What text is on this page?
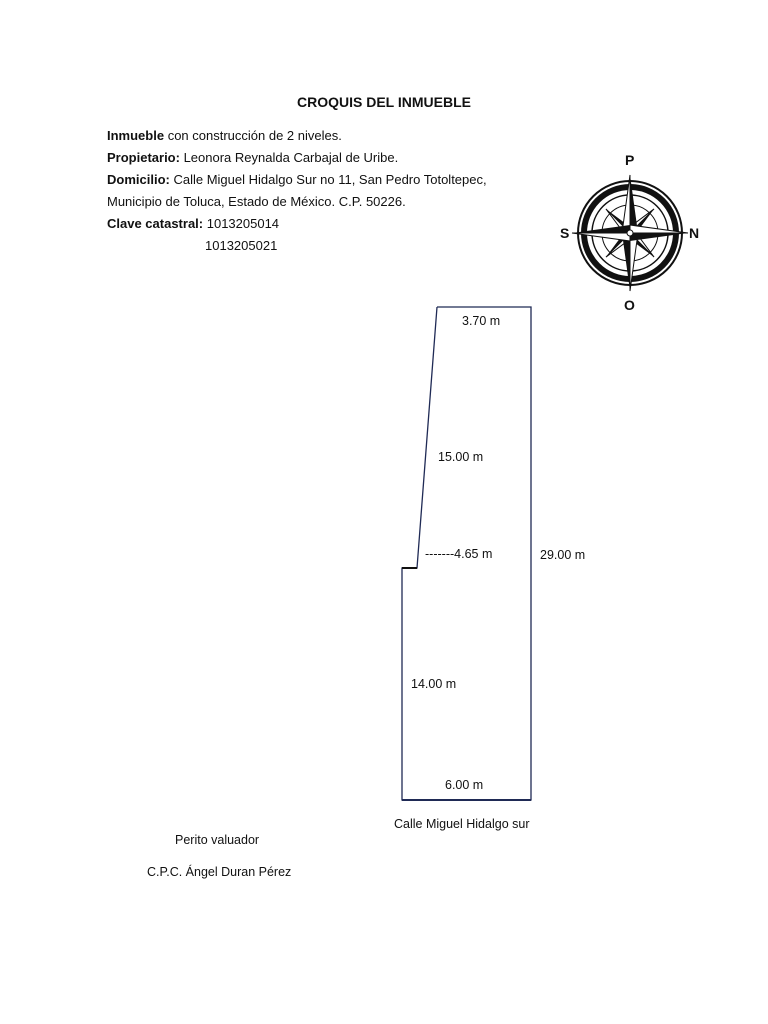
CROQUIS DEL INMUEBLE
Inmueble con construcción de 2 niveles.
Propietario: Leonora Reynalda Carbajal de Uribe.
Domicilio: Calle Miguel Hidalgo Sur no 11, San Pedro Totoltepec,
Municipio de Toluca, Estado de México. C.P. 50226.
Clave catastral: 1013205014
1013205021
P
S	N
O
3.70 m
15.00 m
-------4.65 m	29.00 m
14.00 m
6.00 m
Calle Miguel Hidalgo sur
Perito valuador
C.P.C. Ángel Duran Pérez
